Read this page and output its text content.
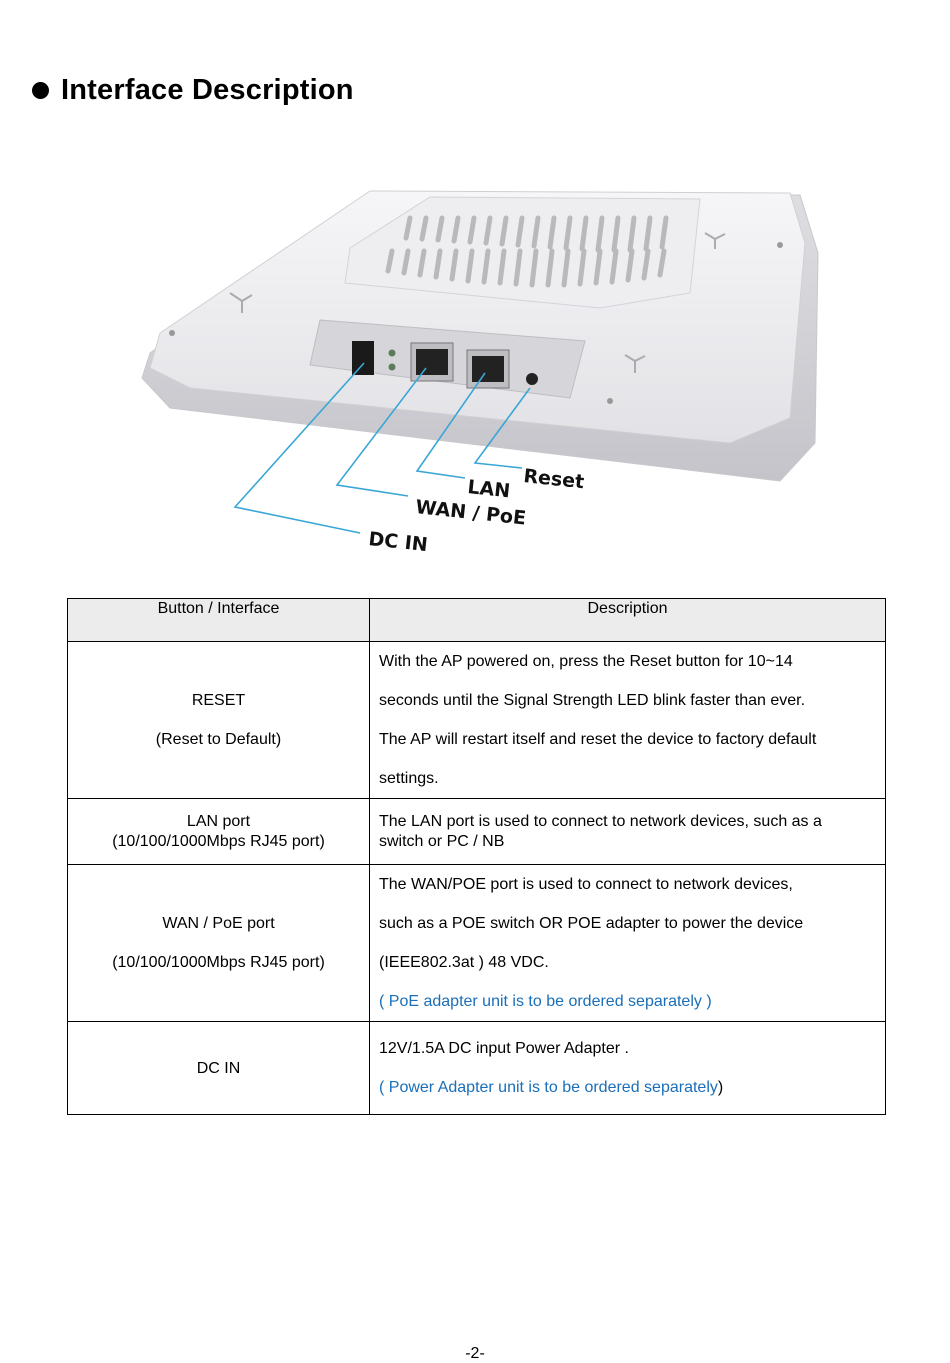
Interface Description
Reset
LAN
WAN / PoE
DC IN
Button / Interface	Description

RESET
(Reset to Default)	With the AP powered on, press the Reset button for 10~14
seconds until the Signal Strength LED blink faster than ever.
The AP will restart itself and reset the device to factory default
settings.

LAN port
(10/100/1000Mbps RJ45 port)	The LAN port is used to connect to network devices, such as a
switch or PC / NB

WAN / PoE port
(10/100/1000Mbps RJ45 port)	The WAN/POE port is used to connect to network devices,
such as a POE switch OR POE adapter to power the device
(IEEE802.3at ) 48 VDC.
( PoE adapter unit is to be ordered separately )

DC IN	12V/1.5A DC input Power Adapter .
( Power Adapter unit is to be ordered separately)
-2-
